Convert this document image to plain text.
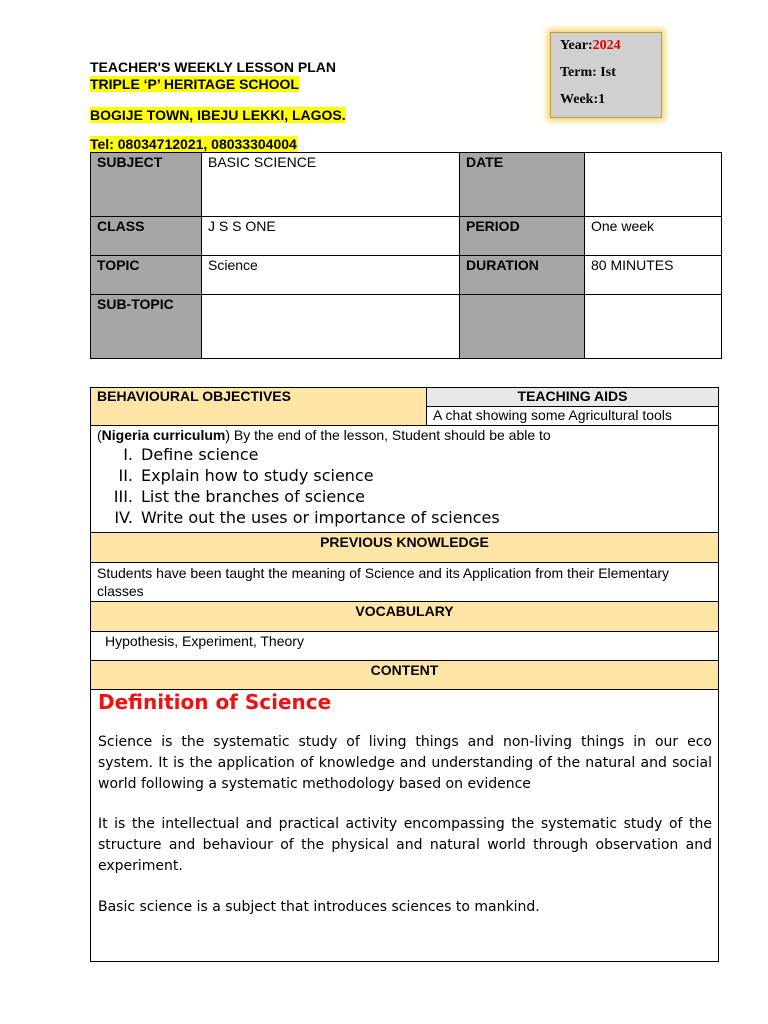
TEACHER'S WEEKLY LESSON PLAN
TRIPLE ‘P’ HERITAGE SCHOOL
BOGIJE TOWN, IBEJU LEKKI, LAGOS.
Tel: 08034712021, 08033304004
Year:2024
Term: Ist
Week:1
SUBJECT	BASIC SCIENCE	DATE	
CLASS	J S S ONE	PERIOD	One week
TOPIC	Science	DURATION	80 MINUTES
SUB-TOPIC			
BEHAVIOURAL OBJECTIVES	TEACHING AIDS
A chat showing some Agricultural tools

(Nigeria curriculum) By the end of the lesson, Student should be able to
I. Define science
II. Explain how to study science
III. List the branches of science
IV. Write out the uses or importance of sciences

PREVIOUS KNOWLEDGE
Students have been taught the meaning of Science and its Application from their Elementary classes
VOCABULARY
Hypothesis, Experiment, Theory
CONTENT

Definition of Science

Science is the systematic study of living things and non-living things in our eco system. It is the application of knowledge and understanding of the natural and social world following a systematic methodology based on evidence

It is the intellectual and practical activity encompassing the systematic study of the structure and behaviour of the physical and natural world through observation and experiment.

Basic science is a subject that introduces sciences to mankind.
